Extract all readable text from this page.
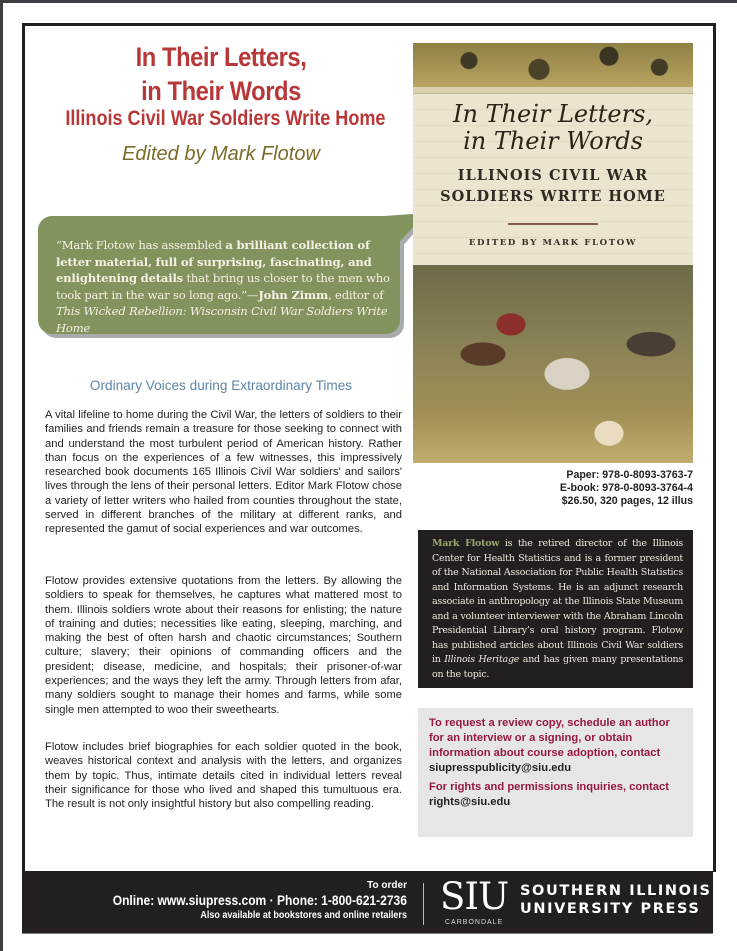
In Their Letters,
in Their Words
Illinois Civil War Soldiers Write Home
Edited by Mark Flotow
“Mark Flotow has assembled a brilliant collection of letter material, full of surprising, fascinating, and enlightening details that bring us closer to the men who took part in the war so long ago.”—John Zimm, editor of This Wicked Rebellion: Wisconsin Civil War Soldiers Write Home
In Their Letters,
in Their Words
ILLINOIS CIVIL WAR
SOLDIERS WRITE HOME
EDITED BY MARK FLOTOW
Paper: 978-0-8093-3763-7
E-book: 978-0-8093-3764-4
$26.50, 320 pages, 12 illus
Mark Flotow is the retired director of the Illinois Center for Health Statistics and is a former president of the National Association for Public Health Statistics and Information Systems. He is an adjunct research associate in anthropology at the Illinois State Museum and a volunteer interviewer with the Abraham Lincoln Presidential Library’s oral history program. Flotow has published articles about Illinois Civil War soldiers in Illinois Heritage and has given many presentations on the topic.
To request a review copy, schedule an author for an interview or a signing, or obtain information about course adoption, contact
siupresspublicity@siu.edu
For rights and permissions inquiries, contact
rights@siu.edu
Ordinary Voices during Extraordinary Times
A vital lifeline to home during the Civil War, the letters of soldiers to their families and friends remain a treasure for those seeking to connect with and understand the most turbulent period of American history. Rather than focus on the experiences of a few witnesses, this impressively researched book documents 165 Illinois Civil War soldiers' and sailors' lives through the lens of their personal letters. Editor Mark Flotow chose a variety of letter writers who hailed from counties throughout the state, served in different branches of the military at different ranks, and represented the gamut of social experiences and war outcomes.
Flotow provides extensive quotations from the letters. By allowing the soldiers to speak for themselves, he captures what mattered most to them. Illinois soldiers wrote about their reasons for enlisting; the nature of training and duties; necessities like eating, sleeping, marching, and making the best of often harsh and chaotic circumstances; Southern culture; slavery; their opinions of commanding officers and the president; disease, medicine, and hospitals; their prisoner-of-war experiences; and the ways they left the army. Through letters from afar, many soldiers sought to manage their homes and farms, while some single men attempted to woo their sweethearts.
Flotow includes brief biographies for each soldier quoted in the book, weaves historical context and analysis with the letters, and organizes them by topic. Thus, intimate details cited in individual letters reveal their significance for those who lived and shaped this tumultuous era. The result is not only insightful history but also compelling reading.
To order
Online: www.siupress.com · Phone: 1-800-621-2736
Also available at bookstores and online retailers SIU
CARBONDALE
SOUTHERN ILLINOIS
UNIVERSITY PRESS
